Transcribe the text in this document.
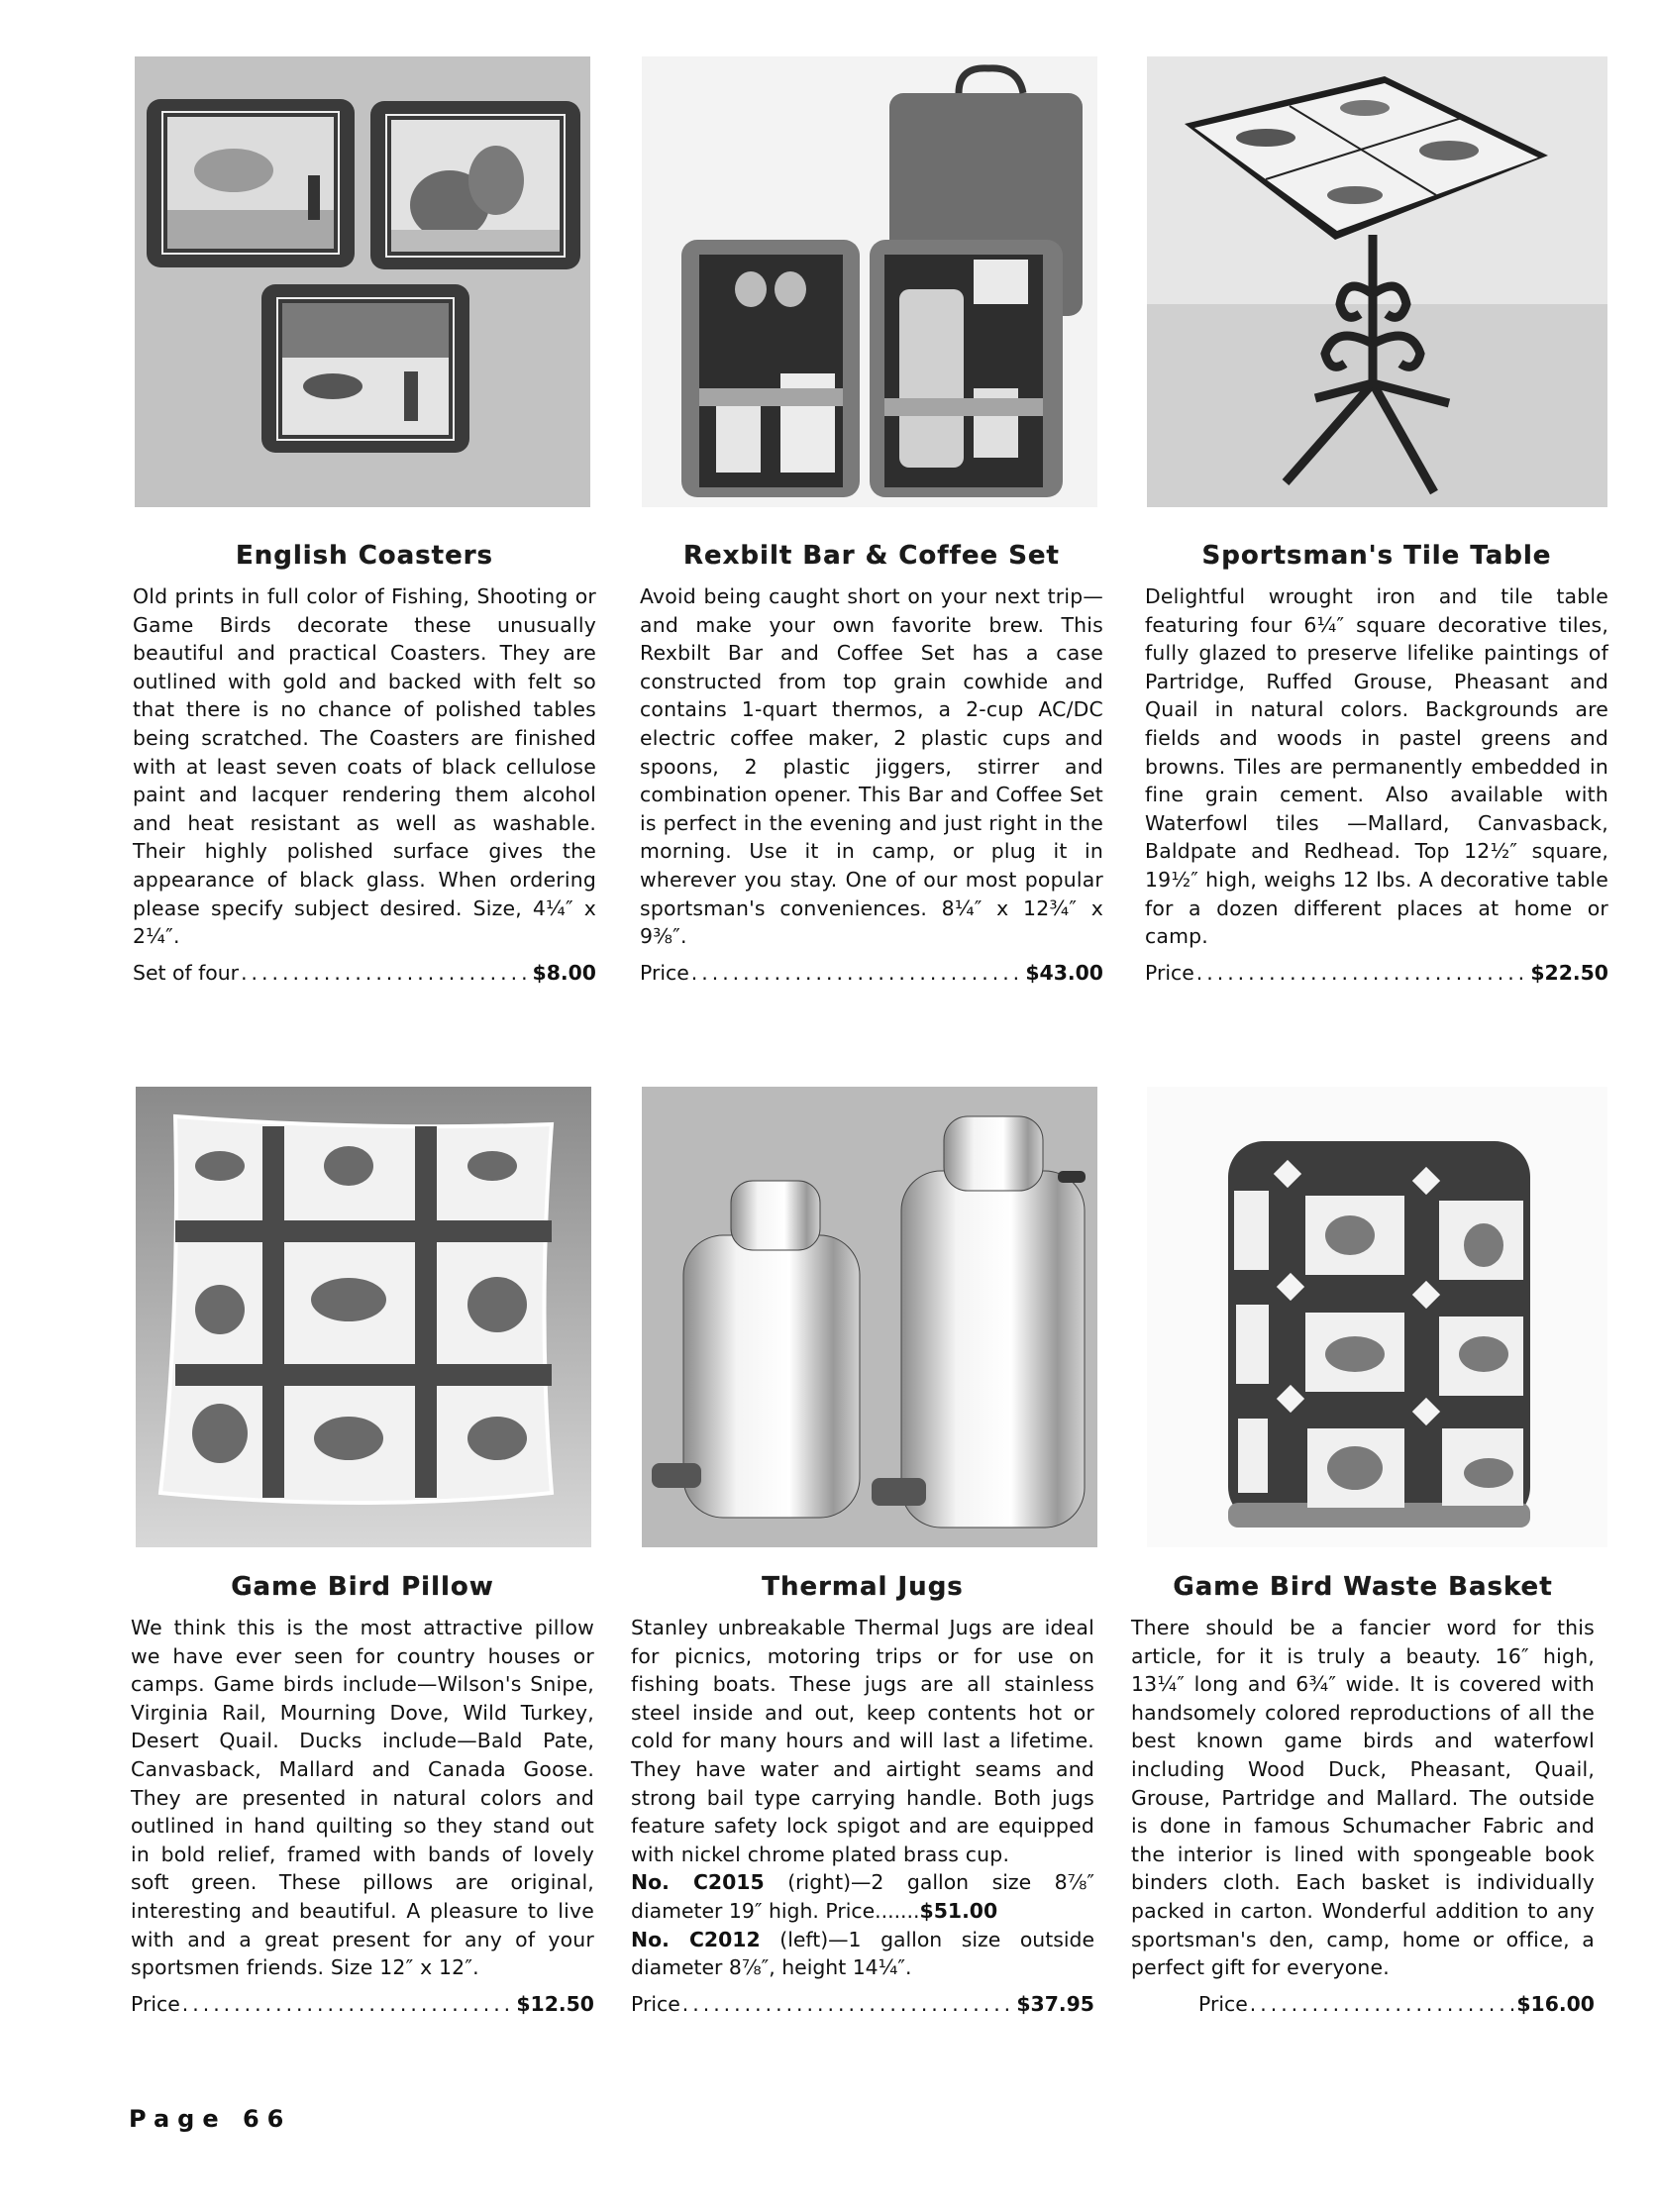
English Coasters

Old prints in full color of Fishing, Shooting or Game Birds decorate these unusually beautiful and practical Coasters. They are outlined with gold and backed with felt so that there is no chance of polished tables being scratched. The Coasters are finished with at least seven coats of black cellulose paint and lacquer rendering them alcohol and heat resistant as well as washable. Their highly polished surface gives the appearance of black glass. When ordering please specify subject desired. Size, 4¼″ x 2¼″.

Set of four .....	$8.00
Rexbilt Bar & Coffee Set

Avoid being caught short on your next trip—and make your own favorite brew. This Rexbilt Bar and Coffee Set has a case constructed from top grain cowhide and contains 1-quart thermos, a 2-cup AC/DC electric coffee maker, 2 plastic cups and spoons, 2 plastic jiggers, stirrer and combination opener. This Bar and Coffee Set is perfect in the evening and just right in the morning. Use it in camp, or plug it in wherever you stay. One of our most popular sportsman's conveniences. 8¼″ x 12¾″ x 9⅜″.

Price .....	$43.00
Sportsman's Tile Table

Delightful wrought iron and tile table featuring four 6¼″ square decorative tiles, fully glazed to preserve lifelike paintings of Partridge, Ruffed Grouse, Pheasant and Quail in natural colors. Backgrounds are fields and woods in pastel greens and browns. Tiles are permanently embedded in fine grain cement. Also available with Waterfowl tiles —Mallard, Canvasback, Baldpate and Redhead. Top 12½″ square, 19½″ high, weighs 12 lbs. A decorative table for a dozen different places at home or camp.

Price .....	$22.50
Game Bird Pillow

We think this is the most attractive pillow we have ever seen for country houses or camps. Game birds include—Wilson's Snipe, Virginia Rail, Mourning Dove, Wild Turkey, Desert Quail. Ducks include—Bald Pate, Canvasback, Mallard and Canada Goose. They are presented in natural colors and outlined in hand quilting so they stand out in bold relief, framed with bands of lovely soft green. These pillows are original, interesting and beautiful. A pleasure to live with and a great present for any of your sportsmen friends. Size 12″ x 12″.

Price .....	$12.50
Thermal Jugs

Stanley unbreakable Thermal Jugs are ideal for picnics, motoring trips or for use on fishing boats. These jugs are all stainless steel inside and out, keep contents hot or cold for many hours and will last a lifetime. They have water and airtight seams and strong bail type carrying handle. Both jugs feature safety lock spigot and are equipped with nickel chrome plated brass cup.

No. C2015 (right)—2 gallon size 8⅞″ diameter 19″ high. Price.......$51.00

No. C2012 (left)—1 gallon size outside diameter 8⅞″, height 14¼″.

Price .....	$37.95
Game Bird Waste Basket

There should be a fancier word for this article, for it is truly a beauty. 16″ high, 13¼″ long and 6¾″ wide. It is covered with handsomely colored reproductions of all the best known game birds and waterfowl including Wood Duck, Pheasant, Quail, Grouse, Partridge and Mallard. The outside is done in famous Schumacher Fabric and the interior is lined with spongeable book binders cloth. Each basket is individually packed in carton. Wonderful addition to any sportsman's den, camp, home or office, a perfect gift for everyone.

Price .....	$16.00
Page 66
